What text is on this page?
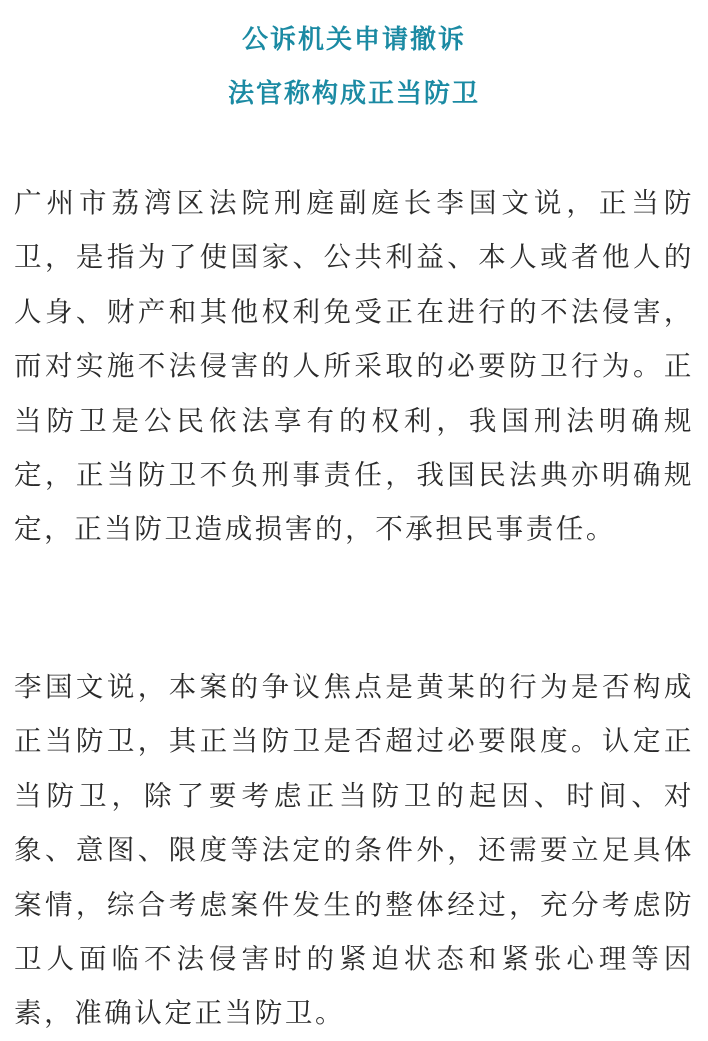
公诉机关申请撤诉
法官称构成正当防卫

广州市荔湾区法院刑庭副庭长李国文说，正当防卫，是指为了使国家、公共利益、本人或者他人的人身、财产和其他权利免受正在进行的不法侵害，而对实施不法侵害的人所采取的必要防卫行为。正当防卫是公民依法享有的权利，我国刑法明确规定，正当防卫不负刑事责任，我国民法典亦明确规定，正当防卫造成损害的，不承担民事责任。

李国文说，本案的争议焦点是黄某的行为是否构成正当防卫，其正当防卫是否超过必要限度。认定正当防卫，除了要考虑正当防卫的起因、时间、对象、意图、限度等法定的条件外，还需要立足具体案情，综合考虑案件发生的整体经过，充分考虑防卫人面临不法侵害时的紧迫状态和紧张心理等因素，准确认定正当防卫。
